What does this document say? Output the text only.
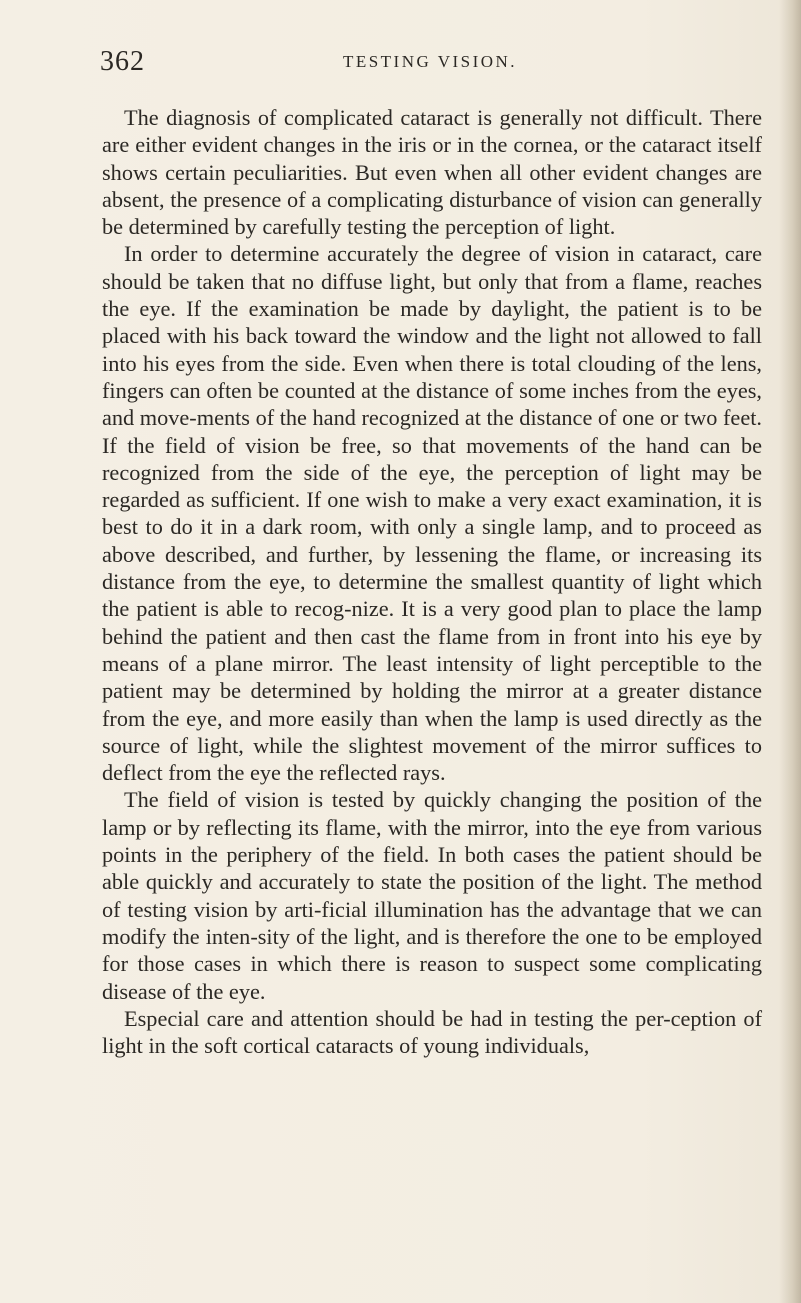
362	TESTING VISION.

The diagnosis of complicated cataract is generally not difficult. There are either evident changes in the iris or in the cornea, or the cataract itself shows certain peculiarities. But even when all other evident changes are absent, the presence of a complicating disturbance of vision can generally be determined by carefully testing the perception of light.

In order to determine accurately the degree of vision in cataract, care should be taken that no diffuse light, but only that from a flame, reaches the eye. If the examination be made by daylight, the patient is to be placed with his back toward the window and the light not allowed to fall into his eyes from the side. Even when there is total clouding of the lens, fingers can often be counted at the distance of some inches from the eyes, and move-ments of the hand recognized at the distance of one or two feet. If the field of vision be free, so that movements of the hand can be recognized from the side of the eye, the perception of light may be regarded as sufficient. If one wish to make a very exact examination, it is best to do it in a dark room, with only a single lamp, and to proceed as above described, and further, by lessening the flame, or increasing its distance from the eye, to determine the smallest quantity of light which the patient is able to recog-nize. It is a very good plan to place the lamp behind the patient and then cast the flame from in front into his eye by means of a plane mirror. The least intensity of light perceptible to the patient may be determined by holding the mirror at a greater distance from the eye, and more easily than when the lamp is used directly as the source of light, while the slightest movement of the mirror suffices to deflect from the eye the reflected rays.

The field of vision is tested by quickly changing the position of the lamp or by reflecting its flame, with the mirror, into the eye from various points in the periphery of the field. In both cases the patient should be able quickly and accurately to state the position of the light. The method of testing vision by arti-ficial illumination has the advantage that we can modify the inten-sity of the light, and is therefore the one to be employed for those cases in which there is reason to suspect some complicating disease of the eye.

Especial care and attention should be had in testing the per-ception of light in the soft cortical cataracts of young individuals,
